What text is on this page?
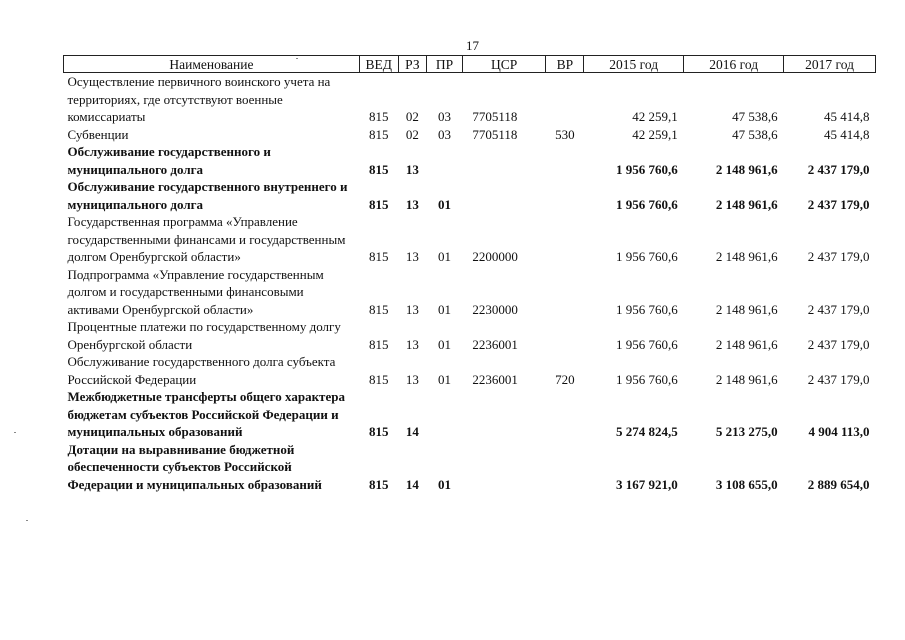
17
Наименование	ВЕД	РЗ	ПР	ЦСР	ВР	2015 год	2016 год	2017 год
Осуществление первичного воинского учета на территориях, где отсутствуют военные комиссариаты	815	02	03	7705118		42 259,1	47 538,6	45 414,8
Субвенции	815	02	03	7705118	530	42 259,1	47 538,6	45 414,8
Обслуживание государственного и муниципального долга	815	13				1 956 760,6	2 148 961,6	2 437 179,0
Обслуживание государственного внутреннего и муниципального долга	815	13	01			1 956 760,6	2 148 961,6	2 437 179,0
Государственная программа «Управление государственными финансами и государственным долгом Оренбургской области»	815	13	01	2200000		1 956 760,6	2 148 961,6	2 437 179,0
Подпрограмма «Управление государственным долгом и государственными финансовыми активами Оренбургской области»	815	13	01	2230000		1 956 760,6	2 148 961,6	2 437 179,0
Процентные платежи по государственному долгу Оренбургской области	815	13	01	2236001		1 956 760,6	2 148 961,6	2 437 179,0
Обслуживание государственного долга субъекта Российской Федерации	815	13	01	2236001	720	1 956 760,6	2 148 961,6	2 437 179,0
Межбюджетные трансферты общего характера бюджетам субъектов Российской Федерации и муниципальных образований	815	14				5 274 824,5	5 213 275,0	4 904 113,0
Дотации на выравнивание бюджетной обеспеченности субъектов Российской Федерации и муниципальных образований	815	14	01			3 167 921,0	3 108 655,0	2 889 654,0
